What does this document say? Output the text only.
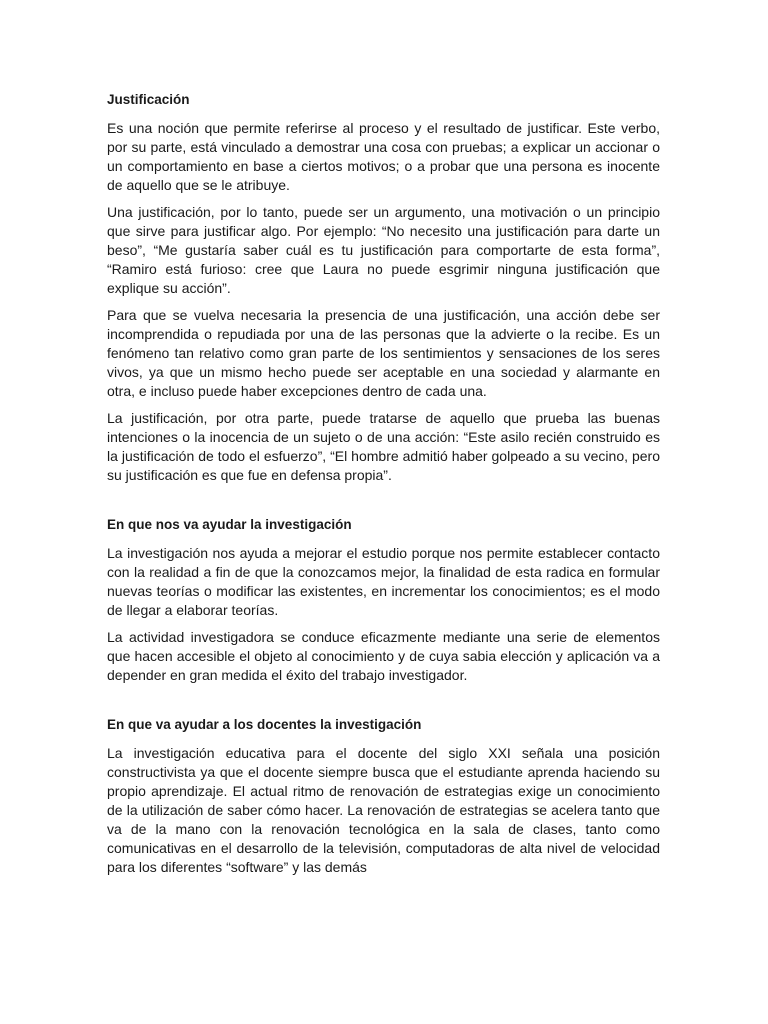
Justificación

Es una noción que permite referirse al proceso y el resultado de justificar. Este verbo, por su parte, está vinculado a demostrar una cosa con pruebas; a explicar un accionar o un comportamiento en base a ciertos motivos; o a probar que una persona es inocente de aquello que se le atribuye.

Una justificación, por lo tanto, puede ser un argumento, una motivación o un principio que sirve para justificar algo. Por ejemplo: “No necesito una justificación para darte un beso”, “Me gustaría saber cuál es tu justificación para comportarte de esta forma”, “Ramiro está furioso: cree que Laura no puede esgrimir ninguna justificación que explique su acción”.

Para que se vuelva necesaria la presencia de una justificación, una acción debe ser incomprendida o repudiada por una de las personas que la advierte o la recibe. Es un fenómeno tan relativo como gran parte de los sentimientos y sensaciones de los seres vivos, ya que un mismo hecho puede ser aceptable en una sociedad y alarmante en otra, e incluso puede haber excepciones dentro de cada una.

La justificación, por otra parte, puede tratarse de aquello que prueba las buenas intenciones o la inocencia de un sujeto o de una acción: “Este asilo recién construido es la justificación de todo el esfuerzo”, “El hombre admitió haber golpeado a su vecino, pero su justificación es que fue en defensa propia”.

En que nos va ayudar la investigación

La investigación nos ayuda a mejorar el estudio porque nos permite establecer contacto con la realidad a fin de que la conozcamos mejor, la finalidad de esta radica en formular nuevas teorías o modificar las existentes, en incrementar los conocimientos; es el modo de llegar a elaborar teorías.

La actividad investigadora se conduce eficazmente mediante una serie de elementos que hacen accesible el objeto al conocimiento y de cuya sabia elección y aplicación va a depender en gran medida el éxito del trabajo investigador.

En que va ayudar a los docentes la investigación

La investigación educativa para el docente del siglo XXI señala una posición constructivista ya que el docente siempre busca que el estudiante aprenda haciendo su propio aprendizaje. El actual ritmo de renovación de estrategias exige un conocimiento de la utilización de saber cómo hacer. La renovación de estrategias se acelera tanto que va de la mano con la renovación tecnológica en la sala de clases, tanto como comunicativas en el desarrollo de la televisión, computadoras de alta nivel de velocidad para los diferentes “software” y las demás
